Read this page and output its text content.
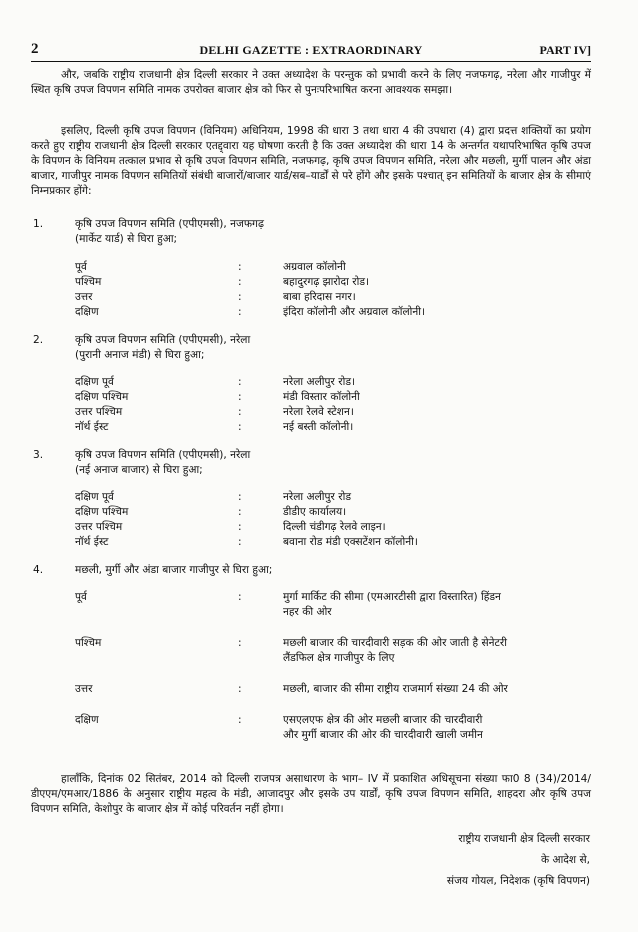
2	DELHI GAZETTE : EXTRAORDINARY	PART IV]

और, जबकि राष्ट्रीय राजधानी क्षेत्र दिल्ली सरकार ने उक्त अध्यादेश के परन्तुक को प्रभावी करने के लिए नजफगढ़, नरेला और गाजीपुर में स्थित कृषि उपज विपणन समिति नामक उपरोक्त बाजार क्षेत्र को फिर से पुनःपरिभाषित करना आवश्यक समझा।

इसलिए, दिल्ली कृषि उपज विपणन (विनियम) अधिनियम, 1998 की धारा 3 तथा धारा 4 की उपधारा (4) द्वारा प्रदत्त शक्तियों का प्रयोग करते हुए राष्ट्रीय राजधानी क्षेत्र दिल्ली सरकार एतद्द्वारा यह घोषणा करती है कि उक्त अध्यादेश की धारा 14 के अन्तर्गत यथापरिभाषित कृषि उपज के विपणन के विनियम तत्काल प्रभाव से कृषि उपज विपणन समिति, नजफगढ़, कृषि उपज विपणन समिति, नरेला और मछली, मुर्गी पालन और अंडा बाजार, गाजीपुर नामक विपणन समितियों संबंधी बाजारों/बाजार यार्ड/सब–यार्डों से परे होंगे और इसके पश्चात् इन समितियों के बाजार क्षेत्र के सीमाएं निम्नप्रकार होंगे:

1.	कृषि उपज विपणन समिति (एपीएमसी), नजफगढ़
(मार्केट यार्ड) से घिरा हुआ;
पूर्व	:	अग्रवाल कॉलोनी
पश्चिम	:	बहादुरगढ़ झारोदा रोड।
उत्तर	:	बाबा हरिदास नगर।
दक्षिण	:	इंदिरा कॉलोनी और अग्रवाल कॉलोनी।
2.	कृषि उपज विपणन समिति (एपीएमसी), नरेला
(पुरानी अनाज मंडी) से घिरा हुआ;
दक्षिण पूर्व	:	नरेला अलीपुर रोड।
दक्षिण पश्चिम	:	मंडी विस्तार कॉलोनी
उत्तर पश्चिम	:	नरेला रेलवे स्टेशन।
नॉर्थ ईस्ट	:	नई बस्ती कॉलोनी।
3.	कृषि उपज विपणन समिति (एपीएमसी), नरेला
(नई अनाज बाजार) से घिरा हुआ;
दक्षिण पूर्व	:	नरेला अलीपुर रोड
दक्षिण पश्चिम	:	डीडीए कार्यालय।
उत्तर पश्चिम	:	दिल्ली चंडीगढ़ रेलवे लाइन।
नॉर्थ ईस्ट	:	बवाना रोड मंडी एक्सटेंशन कॉलोनी।
4.	मछली, मुर्गी और अंडा बाजार गाजीपुर से घिरा हुआ;
पूर्व	:	मुर्गा मार्किट की सीमा (एमआरटीसी द्वारा विस्तारित) हिंडन नहर की ओर
पश्चिम	:	मछली बाजार की चारदीवारी सड़क की ओर जाती है सेनेटरी लैंडफिल क्षेत्र गाजीपुर के लिए
उत्तर	:	मछली, बाजार की सीमा राष्ट्रीय राजमार्ग संख्या 24 की ओर
दक्षिण	:	एसएलएफ क्षेत्र की ओर मछली बाजार की चारदीवारी और मुर्गी बाजार की ओर की चारदीवारी खाली जमीन

हालाँकि, दिनांक 02 सितंबर, 2014 को दिल्ली राजपत्र असाधारण के भाग– IV में प्रकाशित अधिसूचना संख्या फा0 8 (34)/2014/डीएएम/एमआर/1886 के अनुसार राष्ट्रीय महत्व के मंडी, आजादपुर और इसके उप यार्डों, कृषि उपज विपणन समिति, शाहदरा और कृषि उपज विपणन समिति, केशोपुर के बाजार क्षेत्र में कोई परिवर्तन नहीं होगा।

राष्ट्रीय राजधानी क्षेत्र दिल्ली सरकार
के आदेश से,
संजय गोयल, निदेशक (कृषि विपणन)
